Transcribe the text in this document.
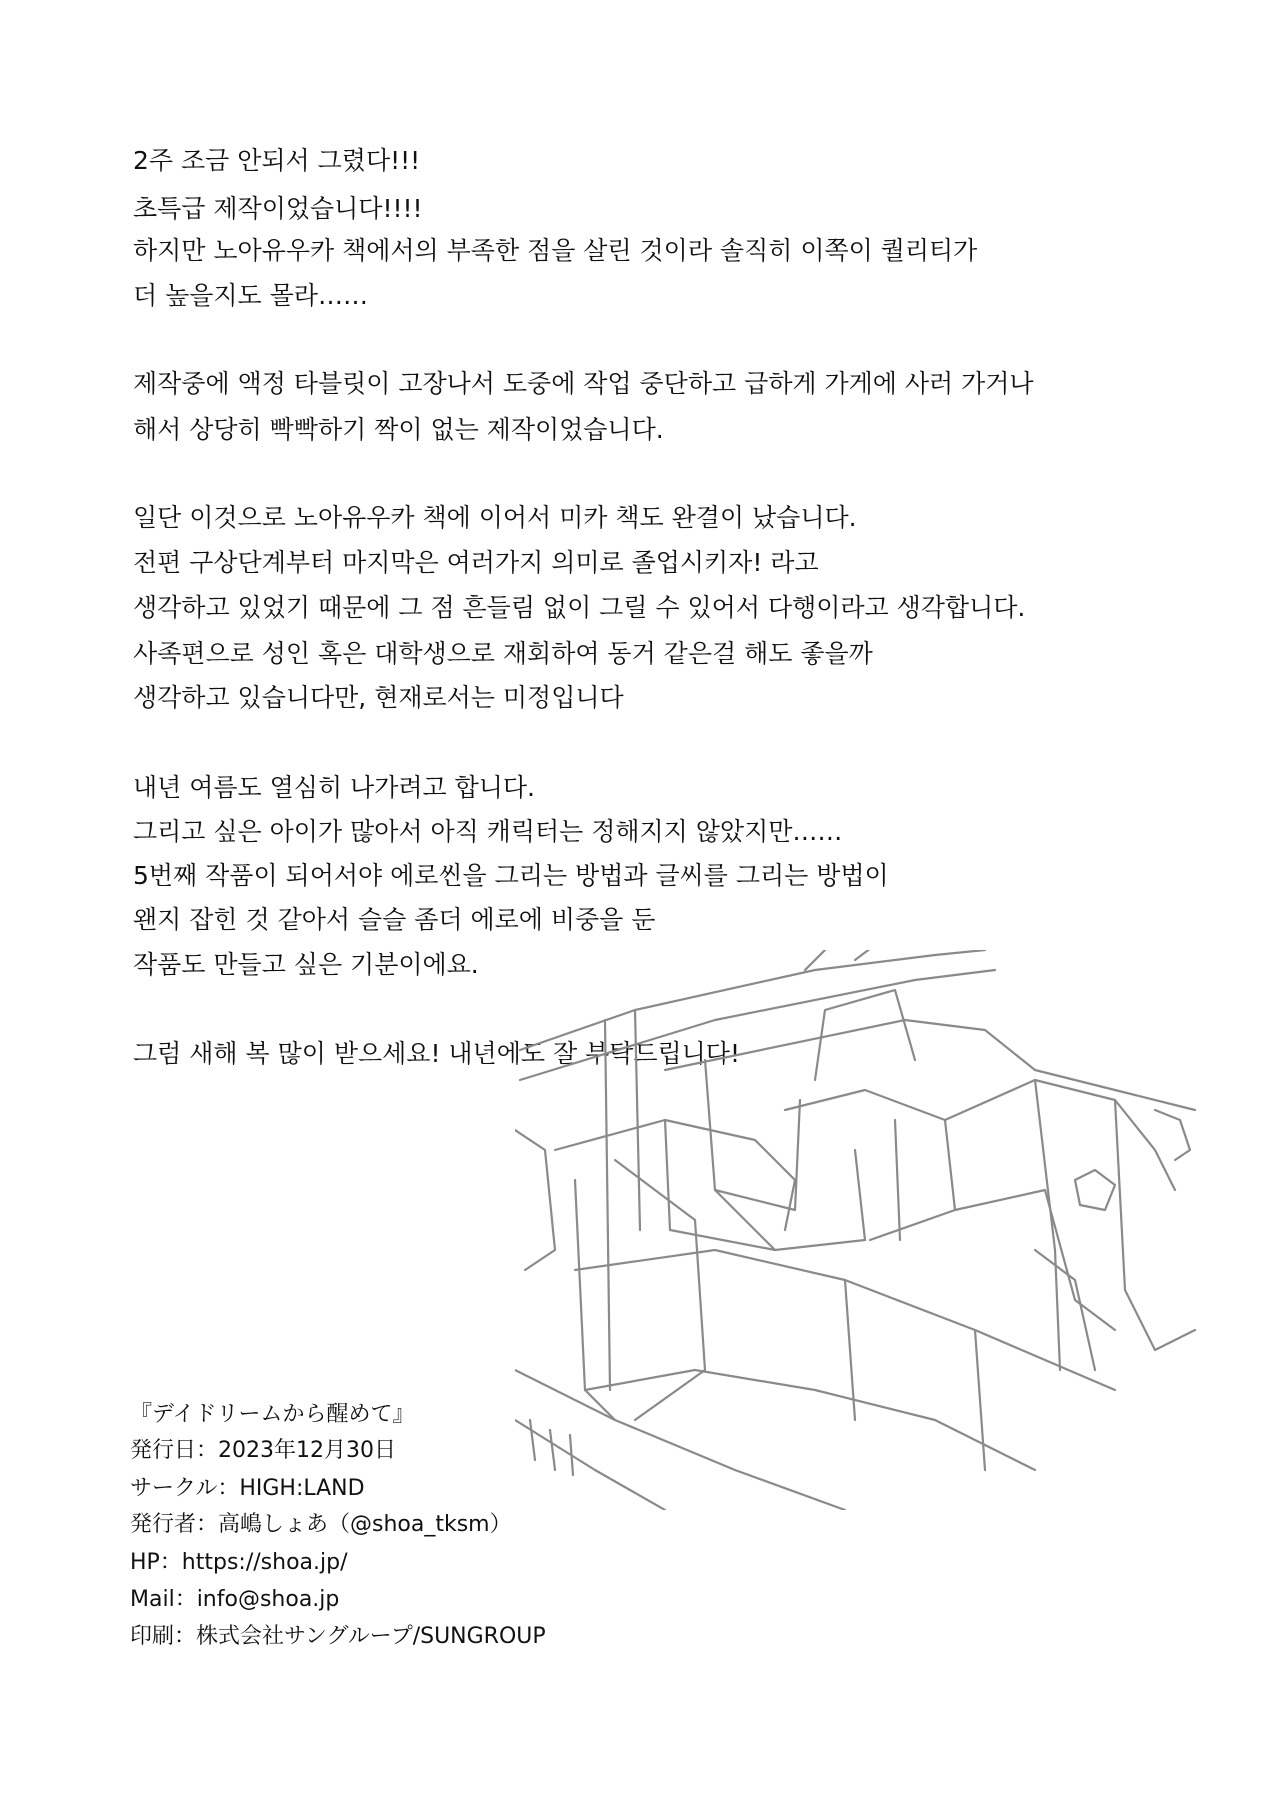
2주 조금 안되서 그렸다!!!
초특급 제작이었습니다!!!!
하지만 노아유우카 책에서의 부족한 점을 살린 것이라 솔직히 이쪽이 퀄리티가
더 높을지도 몰라……
제작중에 액정 타블릿이 고장나서 도중에 작업 중단하고 급하게 가게에 사러 가거나
해서 상당히 빡빡하기 짝이 없는 제작이었습니다.
일단 이것으로 노아유우카 책에 이어서 미카 책도 완결이 났습니다.
전편 구상단계부터 마지막은 여러가지 의미로 졸업시키자! 라고
생각하고 있었기 때문에 그 점 흔들림 없이 그릴 수 있어서 다행이라고 생각합니다.
사족편으로 성인 혹은 대학생으로 재회하여 동거 같은걸 해도 좋을까
생각하고 있습니다만, 현재로서는 미정입니다
내년 여름도 열심히 나가려고 합니다.
그리고 싶은 아이가 많아서 아직 캐릭터는 정해지지 않았지만……
5번째 작품이 되어서야 에로씬을 그리는 방법과 글씨를 그리는 방법이
왠지 잡힌 것 같아서 슬슬 좀더 에로에 비중을 둔
작품도 만들고 싶은 기분이에요.
그럼 새해 복 많이 받으세요! 내년에도 잘 부탁드립니다!
『デイドリームから醒めて』
発行日：2023年12月30日
サークル：HIGH:LAND
発行者：高嶋しょあ（@shoa_tksm）
HP：https://shoa.jp/
Mail：info@shoa.jp
印刷：株式会社サングループ/SUNGROUP
